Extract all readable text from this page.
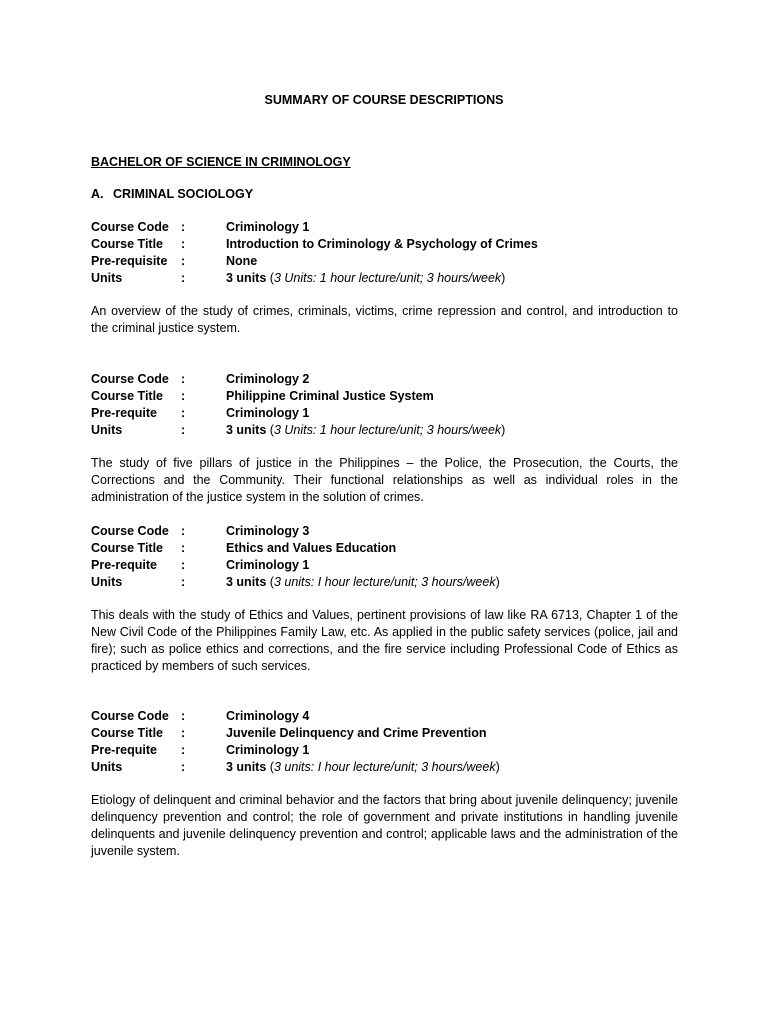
SUMMARY OF COURSE DESCRIPTIONS
BACHELOR OF SCIENCE IN CRIMINOLOGY
A. CRIMINAL SOCIOLOGY
Course Code :	Criminology 1
Course Title :	Introduction to Criminology & Psychology of Crimes
Pre-requisite :	None
Units	:	3 units (3 Units: 1 hour lecture/unit; 3 hours/week)
An overview of the study of crimes, criminals, victims, crime repression and control, and introduction to the criminal justice system.
Course Code :	Criminology 2
Course Title :	Philippine Criminal Justice System
Pre-requite :	Criminology 1
Units	:	3 units (3 Units: 1 hour lecture/unit; 3 hours/week)
The study of five pillars of justice in the Philippines – the Police, the Prosecution, the Courts, the Corrections and the Community. Their functional relationships as well as individual roles in the administration of the justice system in the solution of crimes.
Course Code :	Criminology 3
Course Title :	Ethics and Values Education
Pre-requite :	Criminology 1
Units	:	3 units (3 units: I hour lecture/unit; 3 hours/week)
This deals with the study of Ethics and Values, pertinent provisions of law like RA 6713, Chapter 1 of the New Civil Code of the Philippines Family Law, etc. As applied in the public safety services (police, jail and fire); such as police ethics and corrections, and the fire service including Professional Code of Ethics as practiced by members of such services.
Course Code :	Criminology 4
Course Title :	Juvenile Delinquency and Crime Prevention
Pre-requite :	Criminology 1
Units	:	3 units (3 units: I hour lecture/unit; 3 hours/week)
Etiology of delinquent and criminal behavior and the factors that bring about juvenile delinquency; juvenile delinquency prevention and control; the role of government and private institutions in handling juvenile delinquents and juvenile delinquency prevention and control; applicable laws and the administration of the juvenile system.
